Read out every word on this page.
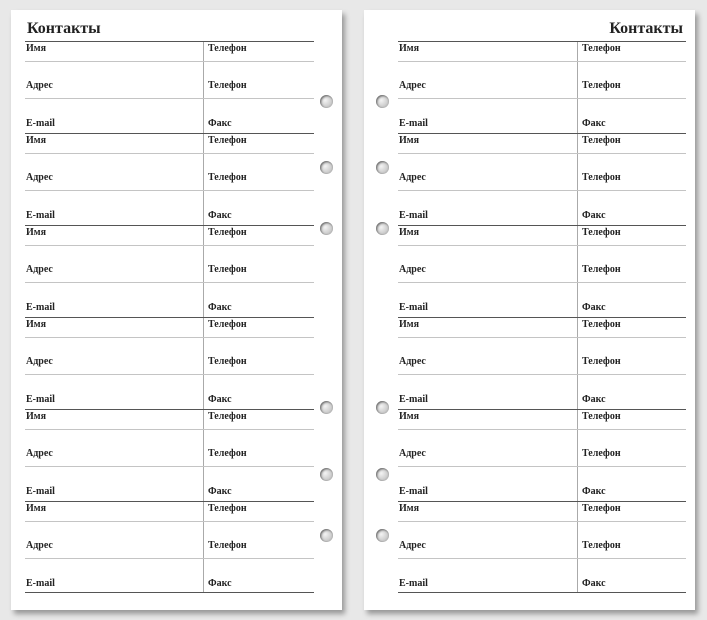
Контакты
Имя	Телефон
Адрес	Телефон
E-mail	Факс
Имя	Телефон
Адрес	Телефон
E-mail	Факс
Имя	Телефон
Адрес	Телефон
E-mail	Факс
Имя	Телефон
Адрес	Телефон
E-mail	Факс
Имя	Телефон
Адрес	Телефон
E-mail	Факс
Имя	Телефон
Адрес	Телефон
E-mail	Факс
Контакты
Имя	Телефон
Адрес	Телефон
E-mail	Факс
Имя	Телефон
Адрес	Телефон
E-mail	Факс
Имя	Телефон
Адрес	Телефон
E-mail	Факс
Имя	Телефон
Адрес	Телефон
E-mail	Факс
Имя	Телефон
Адрес	Телефон
E-mail	Факс
Имя	Телефон
Адрес	Телефон
E-mail	Факс
